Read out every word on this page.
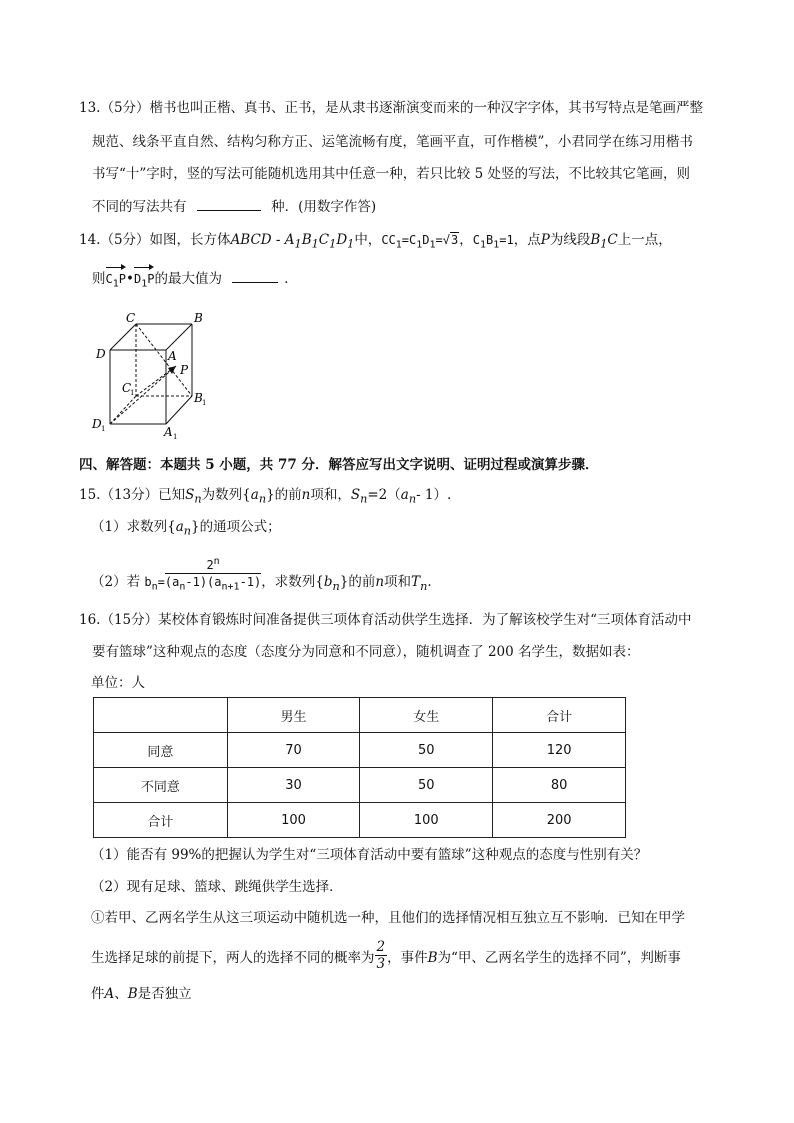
13.（5分）楷书也叫正楷、真书、正书，是从隶书逐渐演变而来的一种汉字字体，其书写特点是笔画严整
规范、线条平直自然、结构匀称方正、运笔流畅有度，笔画平直，可作楷模”，小君同学在练习用楷书
书写“十”字时，竖的写法可能随机选用其中任意一种，若只比较 5 处竖的写法，不比较其它笔画，则
不同的写法共有	种．(用数字作答)
14.（5分）如图，长方体ABCD - $A_1B_1C_1D_1$中，$CC_1=C_1D_1=√3$，$C_1B_1=1$，点P为线段$B_1C$上一点，
则$C_1P•D_1P$的最大值为	．
C	B
D	A
P
C
1	B 1
D 1	A 1
四、解答题：本题共 5 小题，共 77 分．解答应写出文字说明、证明过程或演算步骤．
15.（13分）已知$S_n$为数列$\{a_n\}$的前n项和，$S_n=2(a_n-$ 1）.
（1）求数列$\{a_n\}$的通项公式；
（2）若 $b_n= \frac{2^n}{(a_n-1)(a_{n+1}-1)}$ ，求数列$\{b_n\}$的前n项和$T_n$.
16.（15分）某校体育锻炼时间准备提供三项体育活动供学生选择．为了解该校学生对“三项体育活动中
要有篮球”这种观点的态度（态度分为同意和不同意），随机调查了 200 名学生，数据如表：
单位：人
	男生	女生	合计
同意	70	50	120
不同意	30	50	80
合计	100	100	200
（1）能否有 99%的把握认为学生对“三项体育活动中要有篮球”这种观点的态度与性别有关？
（2）现有足球、篮球、跳绳供学生选择．
①若甲、乙两名学生从这三项运动中随机选一种，且他们的选择情况相互独立互不影响．已知在甲学
生选择足球的前提下，两人的选择不同的概率为 $\frac{2}{3}$ ，事件B为“甲、乙两名学生的选择不同”，判断事
件A、B是否独立
